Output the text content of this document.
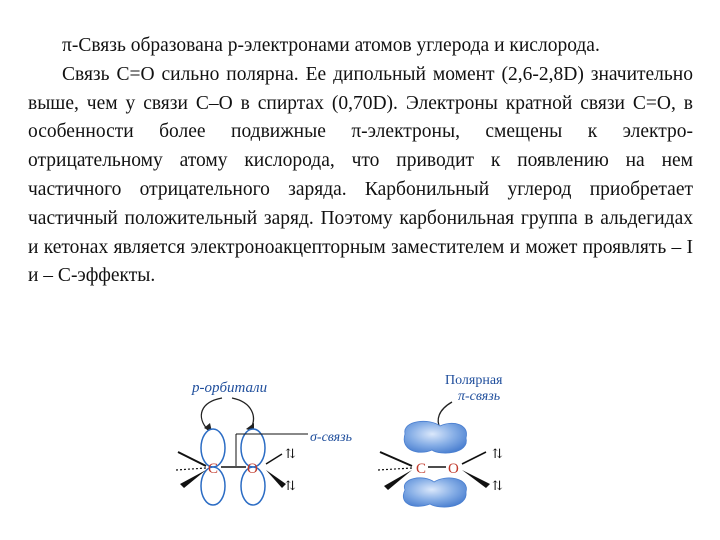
π-Связь образована p-электронами атомов углерода и кислорода.

Связь С=О сильно полярна. Ее дипольный момент (2,6-2,8D) значительно выше, чем у связи С–О в спиртах (0,70D). Электроны кратной связи С=О, в особенности более подвижные π-электроны, смещены к электро-отрицательному атому кислорода, что приводит к появлению на нем частичного отрицательного заряда. Карбонильный углерод приобретает частичный положительный заряд. Поэтому карбонильная группа в альдегидах и кетонах является электроноакцепторным заместителем и может проявлять – I и – С-эффекты.

p-орбитали
C O
⇅
⇅
σ-связь
Полярная
π-связь
C O
⇅
⇅
